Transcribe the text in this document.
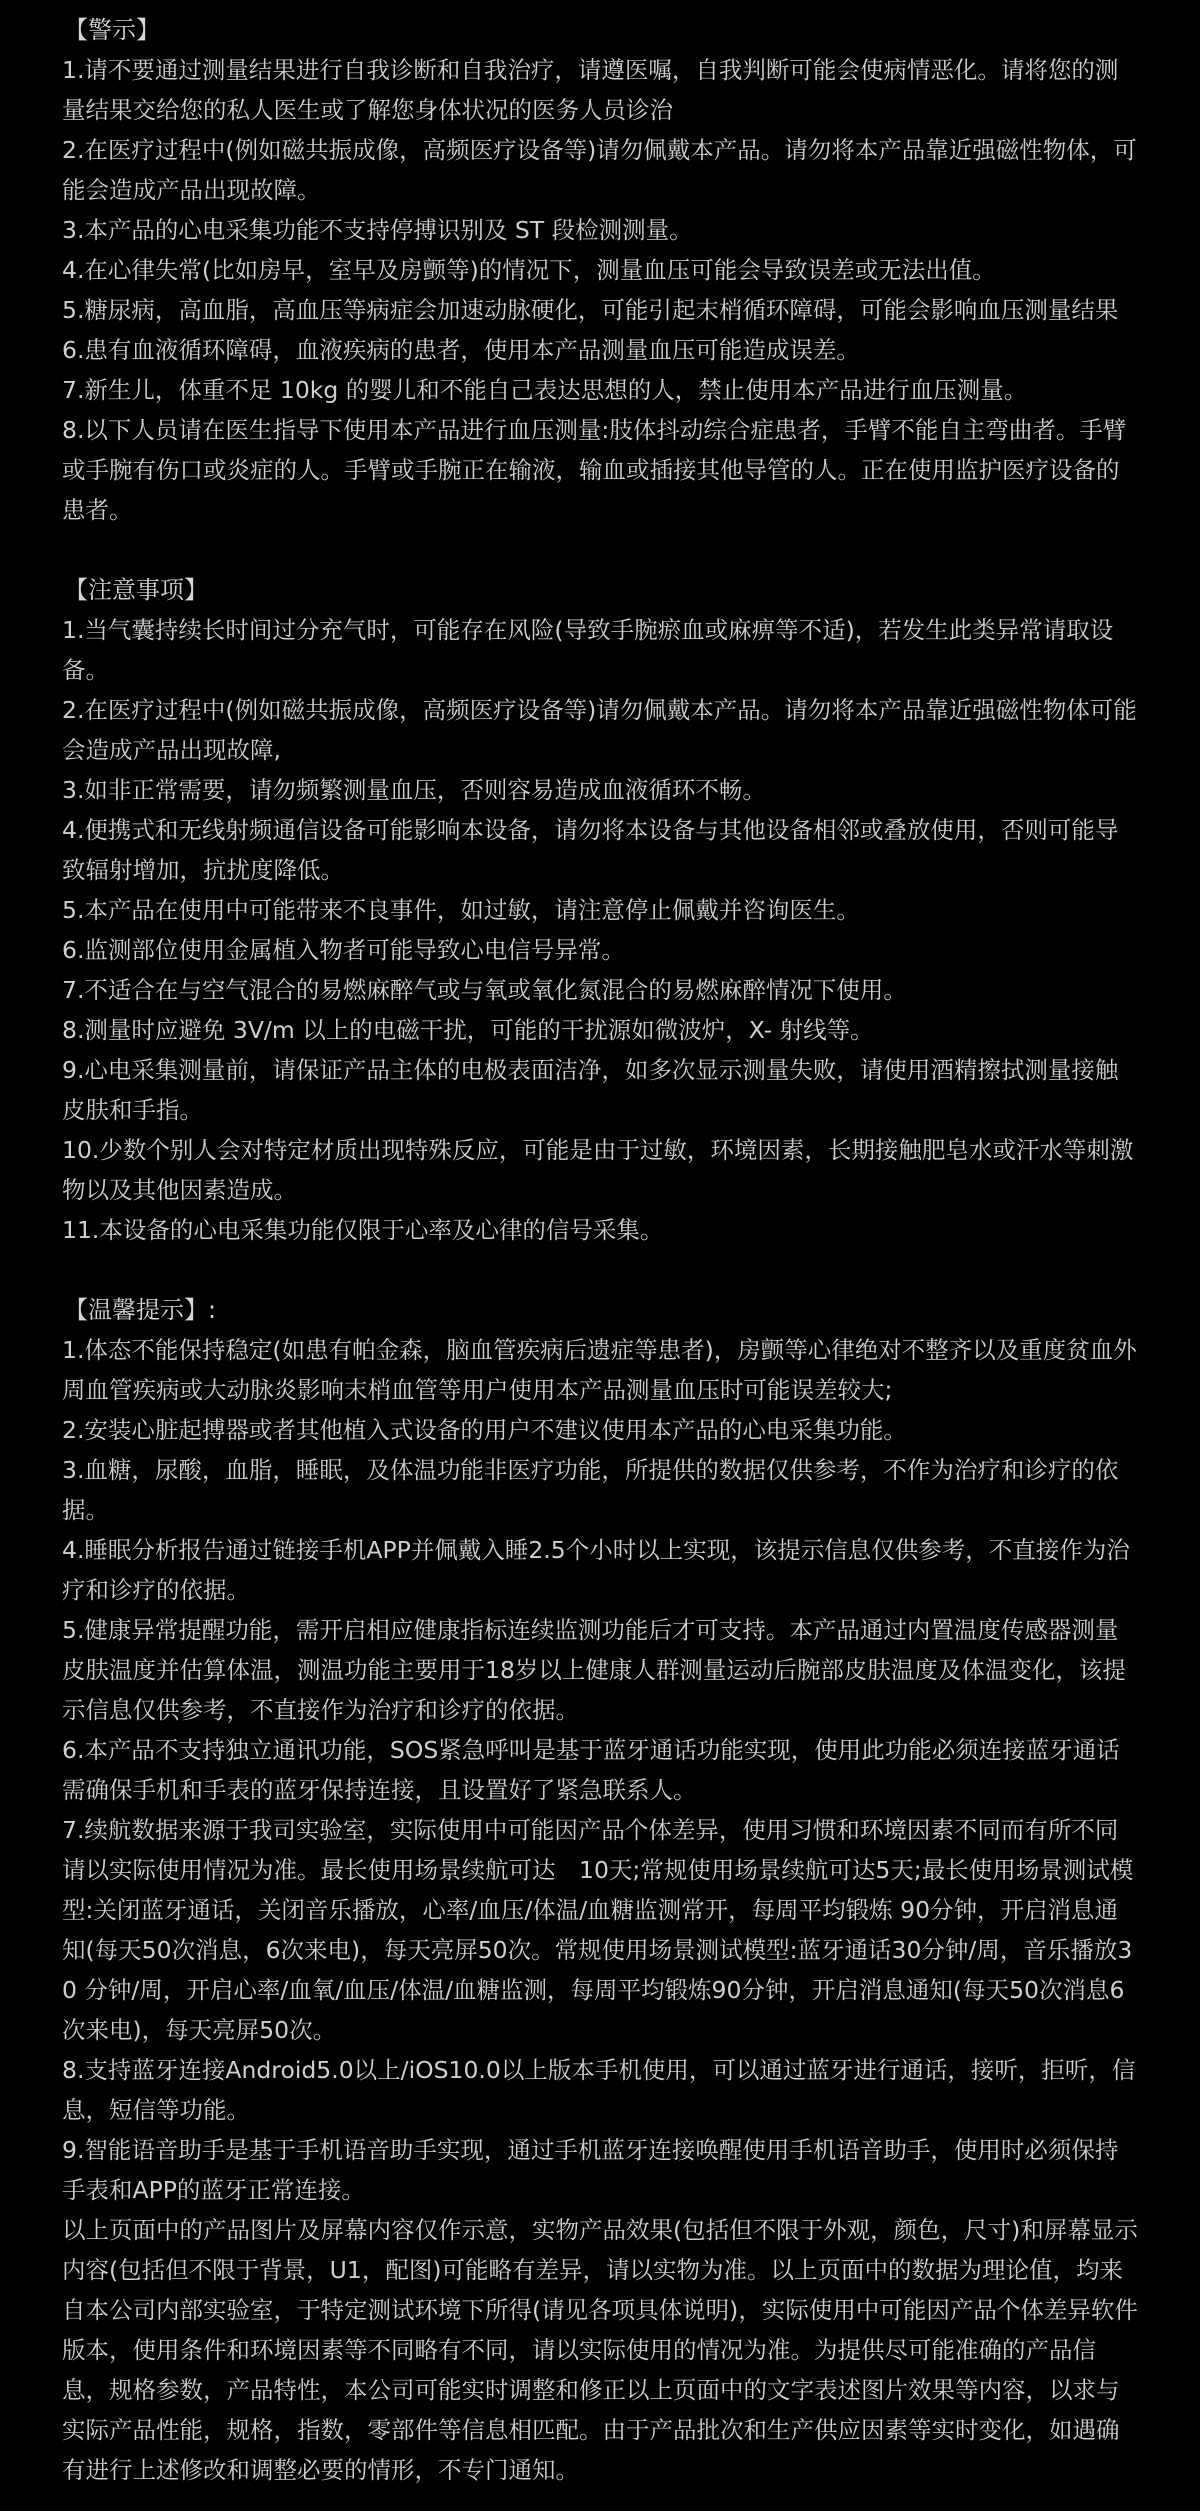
【警示】

1.请不要通过测量结果进行自我诊断和自我治疗，请遵医嘱，自我判断可能会使病情恶化。请将您的测量结果交给您的私人医生或了解您身体状况的医务人员诊治
2.在医疗过程中(例如磁共振成像，高频医疗设备等)请勿佩戴本产品。请勿将本产品靠近强磁性物体，可能会造成产品出现故障。
3.本产品的心电采集功能不支持停搏识别及 ST 段检测测量。
4.在心律失常(比如房早，室早及房颤等)的情况下，测量血压可能会导致误差或无法出值。
5.糖尿病，高血脂，高血压等病症会加速动脉硬化，可能引起末梢循环障碍，可能会影响血压测量结果
6.患有血液循环障碍，血液疾病的患者，使用本产品测量血压可能造成误差。
7.新生儿，体重不足 10kg 的婴儿和不能自己表达思想的人，禁止使用本产品进行血压测量。
8.以下人员请在医生指导下使用本产品进行血压测量:肢体抖动综合症患者，手臂不能自主弯曲者。手臂或手腕有伤口或炎症的人。手臂或手腕正在输液，输血或插接其他导管的人。正在使用监护医疗设备的患者。

【注意事项】

1.当气囊持续长时间过分充气时，可能存在风险(导致手腕瘀血或麻痹等不适)，若发生此类异常请取设备。
2.在医疗过程中(例如磁共振成像，高频医疗设备等)请勿佩戴本产品。请勿将本产品靠近强磁性物体可能会造成产品出现故障,
3.如非正常需要，请勿频繁测量血压，否则容易造成血液循环不畅。
4.便携式和无线射频通信设备可能影响本设备，请勿将本设备与其他设备相邻或叠放使用，否则可能导致辐射增加，抗扰度降低。
5.本产品在使用中可能带来不良事件，如过敏，请注意停止佩戴并咨询医生。
6.监测部位使用金属植入物者可能导致心电信号异常。
7.不适合在与空气混合的易燃麻醉气或与氧或氧化氮混合的易燃麻醉情况下使用。
8.测量时应避免 3V/m 以上的电磁干扰，可能的干扰源如微波炉，X- 射线等。
9.心电采集测量前，请保证产品主体的电极表面洁净，如多次显示测量失败，请使用酒精擦拭测量接触皮肤和手指。
10.少数个别人会对特定材质出现特殊反应，可能是由于过敏，环境因素，长期接触肥皂水或汗水等刺激物以及其他因素造成。
11.本设备的心电采集功能仅限于心率及心律的信号采集。

【温馨提示】:

1.体态不能保持稳定(如患有帕金森，脑血管疾病后遗症等患者)，房颤等心律绝对不整齐以及重度贫血外周血管疾病或大动脉炎影响末梢血管等用户使用本产品测量血压时可能误差较大;
2.安装心脏起搏器或者其他植入式设备的用户不建议使用本产品的心电采集功能。
3.血糖，尿酸，血脂，睡眠，及体温功能非医疗功能，所提供的数据仅供参考，不作为治疗和诊疗的依据。
4.睡眠分析报告通过链接手机APP并佩戴入睡2.5个小时以上实现，该提示信息仅供参考，不直接作为治疗和诊疗的依据。
5.健康异常提醒功能，需开启相应健康指标连续监测功能后才可支持。本产品通过内置温度传感器测量皮肤温度并估算体温，测温功能主要用于18岁以上健康人群测量运动后腕部皮肤温度及体温变化，该提示信息仅供参考，不直接作为治疗和诊疗的依据。
6.本产品不支持独立通讯功能，SOS紧急呼叫是基于蓝牙通话功能实现，使用此功能必须连接蓝牙通话需确保手机和手表的蓝牙保持连接，且设置好了紧急联系人。
7.续航数据来源于我司实验室，实际使用中可能因产品个体差异，使用习惯和环境因素不同而有所不同请以实际使用情况为准。最长使用场景续航可达　10天;常规使用场景续航可达5天;最长使用场景测试模型:关闭蓝牙通话，关闭音乐播放，心率/血压/体温/血糖监测常开，每周平均锻炼 90分钟，开启消息通知(每天50次消息，6次来电)，每天亮屏50次。常规使用场景测试模型:蓝牙通话30分钟/周，音乐播放30 分钟/周，开启心率/血氧/血压/体温/血糖监测，每周平均锻炼90分钟，开启消息通知(每天50次消息6次来电)，每天亮屏50次。
8.支持蓝牙连接Android5.0以上/iOS10.0以上版本手机使用，可以通过蓝牙进行通话，接听，拒听，信息，短信等功能。
9.智能语音助手是基于手机语音助手实现，通过手机蓝牙连接唤醒使用手机语音助手，使用时必须保持手表和APP的蓝牙正常连接。
以上页面中的产品图片及屏幕内容仅作示意，实物产品效果(包括但不限于外观，颜色，尺寸)和屏幕显示内容(包括但不限于背景，U1，配图)可能略有差异，请以实物为准。以上页面中的数据为理论值，均来自本公司内部实验室，于特定测试环境下所得(请见各项具体说明)，实际使用中可能因产品个体差异软件版本，使用条件和环境因素等不同略有不同，请以实际使用的情况为准。为提供尽可能准确的产品信息，规格参数，产品特性，本公司可能实时调整和修正以上页面中的文字表述图片效果等内容，以求与实际产品性能，规格，指数，零部件等信息相匹配。由于产品批次和生产供应因素等实时变化，如遇确有进行上述修改和调整必要的情形，不专门通知。
